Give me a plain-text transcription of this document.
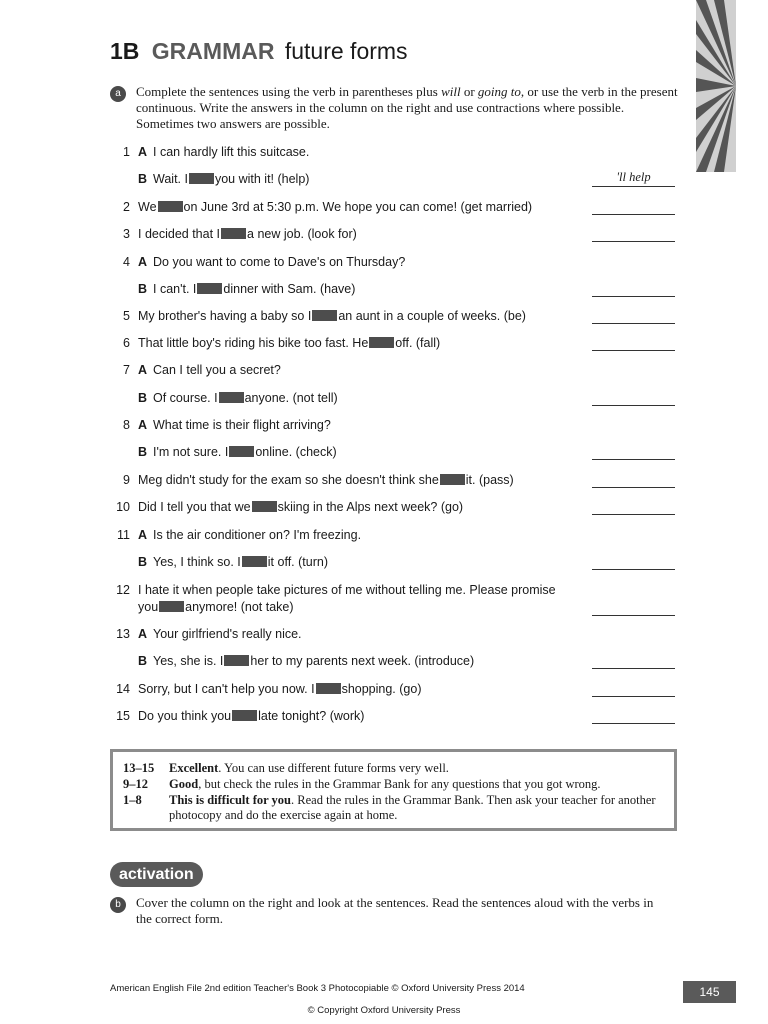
1B GRAMMAR future forms
a	Complete the sentences using the verb in parentheses plus will or going to, or use the verb in the present continuous. Write the answers in the column on the right and use contractions where possible. Sometimes two answers are possible.
1 A I can hardly lift this suitcase.
B Wait. I you with it! (help)	'll help
2 We on June 3rd at 5:30 p.m. We hope you can come! (get married)
3 I decided that I a new job. (look for)
4 A Do you want to come to Dave's on Thursday?
B I can't. I dinner with Sam. (have)
5 My brother's having a baby so I an aunt in a couple of weeks. (be)
6 That little boy's riding his bike too fast. He off. (fall)
7 A Can I tell you a secret?
B Of course. I anyone. (not tell)
8 A What time is their flight arriving?
B I'm not sure. I online. (check)
9 Meg didn't study for the exam so she doesn't think she it. (pass)
10 Did I tell you that we skiing in the Alps next week? (go)
11 A Is the air conditioner on? I'm freezing.
B Yes, I think so. I it off. (turn)
12 I hate it when people take pictures of me without telling me. Please promise
you anymore! (not take)
13 A Your girlfriend's really nice.
B Yes, she is. I her to my parents next week. (introduce)
14 Sorry, but I can't help you now. I shopping. (go)
15 Do you think you late tonight? (work)
13–15	Excellent. You can use different future forms very well.
9–12	Good, but check the rules in the Grammar Bank for any questions that you got wrong.
1–8	This is difficult for you. Read the rules in the Grammar Bank. Then ask your teacher for another photocopy and do the exercise again at home.
activation
b	Cover the column on the right and look at the sentences. Read the sentences aloud with the verbs in the correct form.
American English File 2nd edition Teacher's Book 3 Photocopiable © Oxford University Press 2014	145
© Copyright Oxford University Press
